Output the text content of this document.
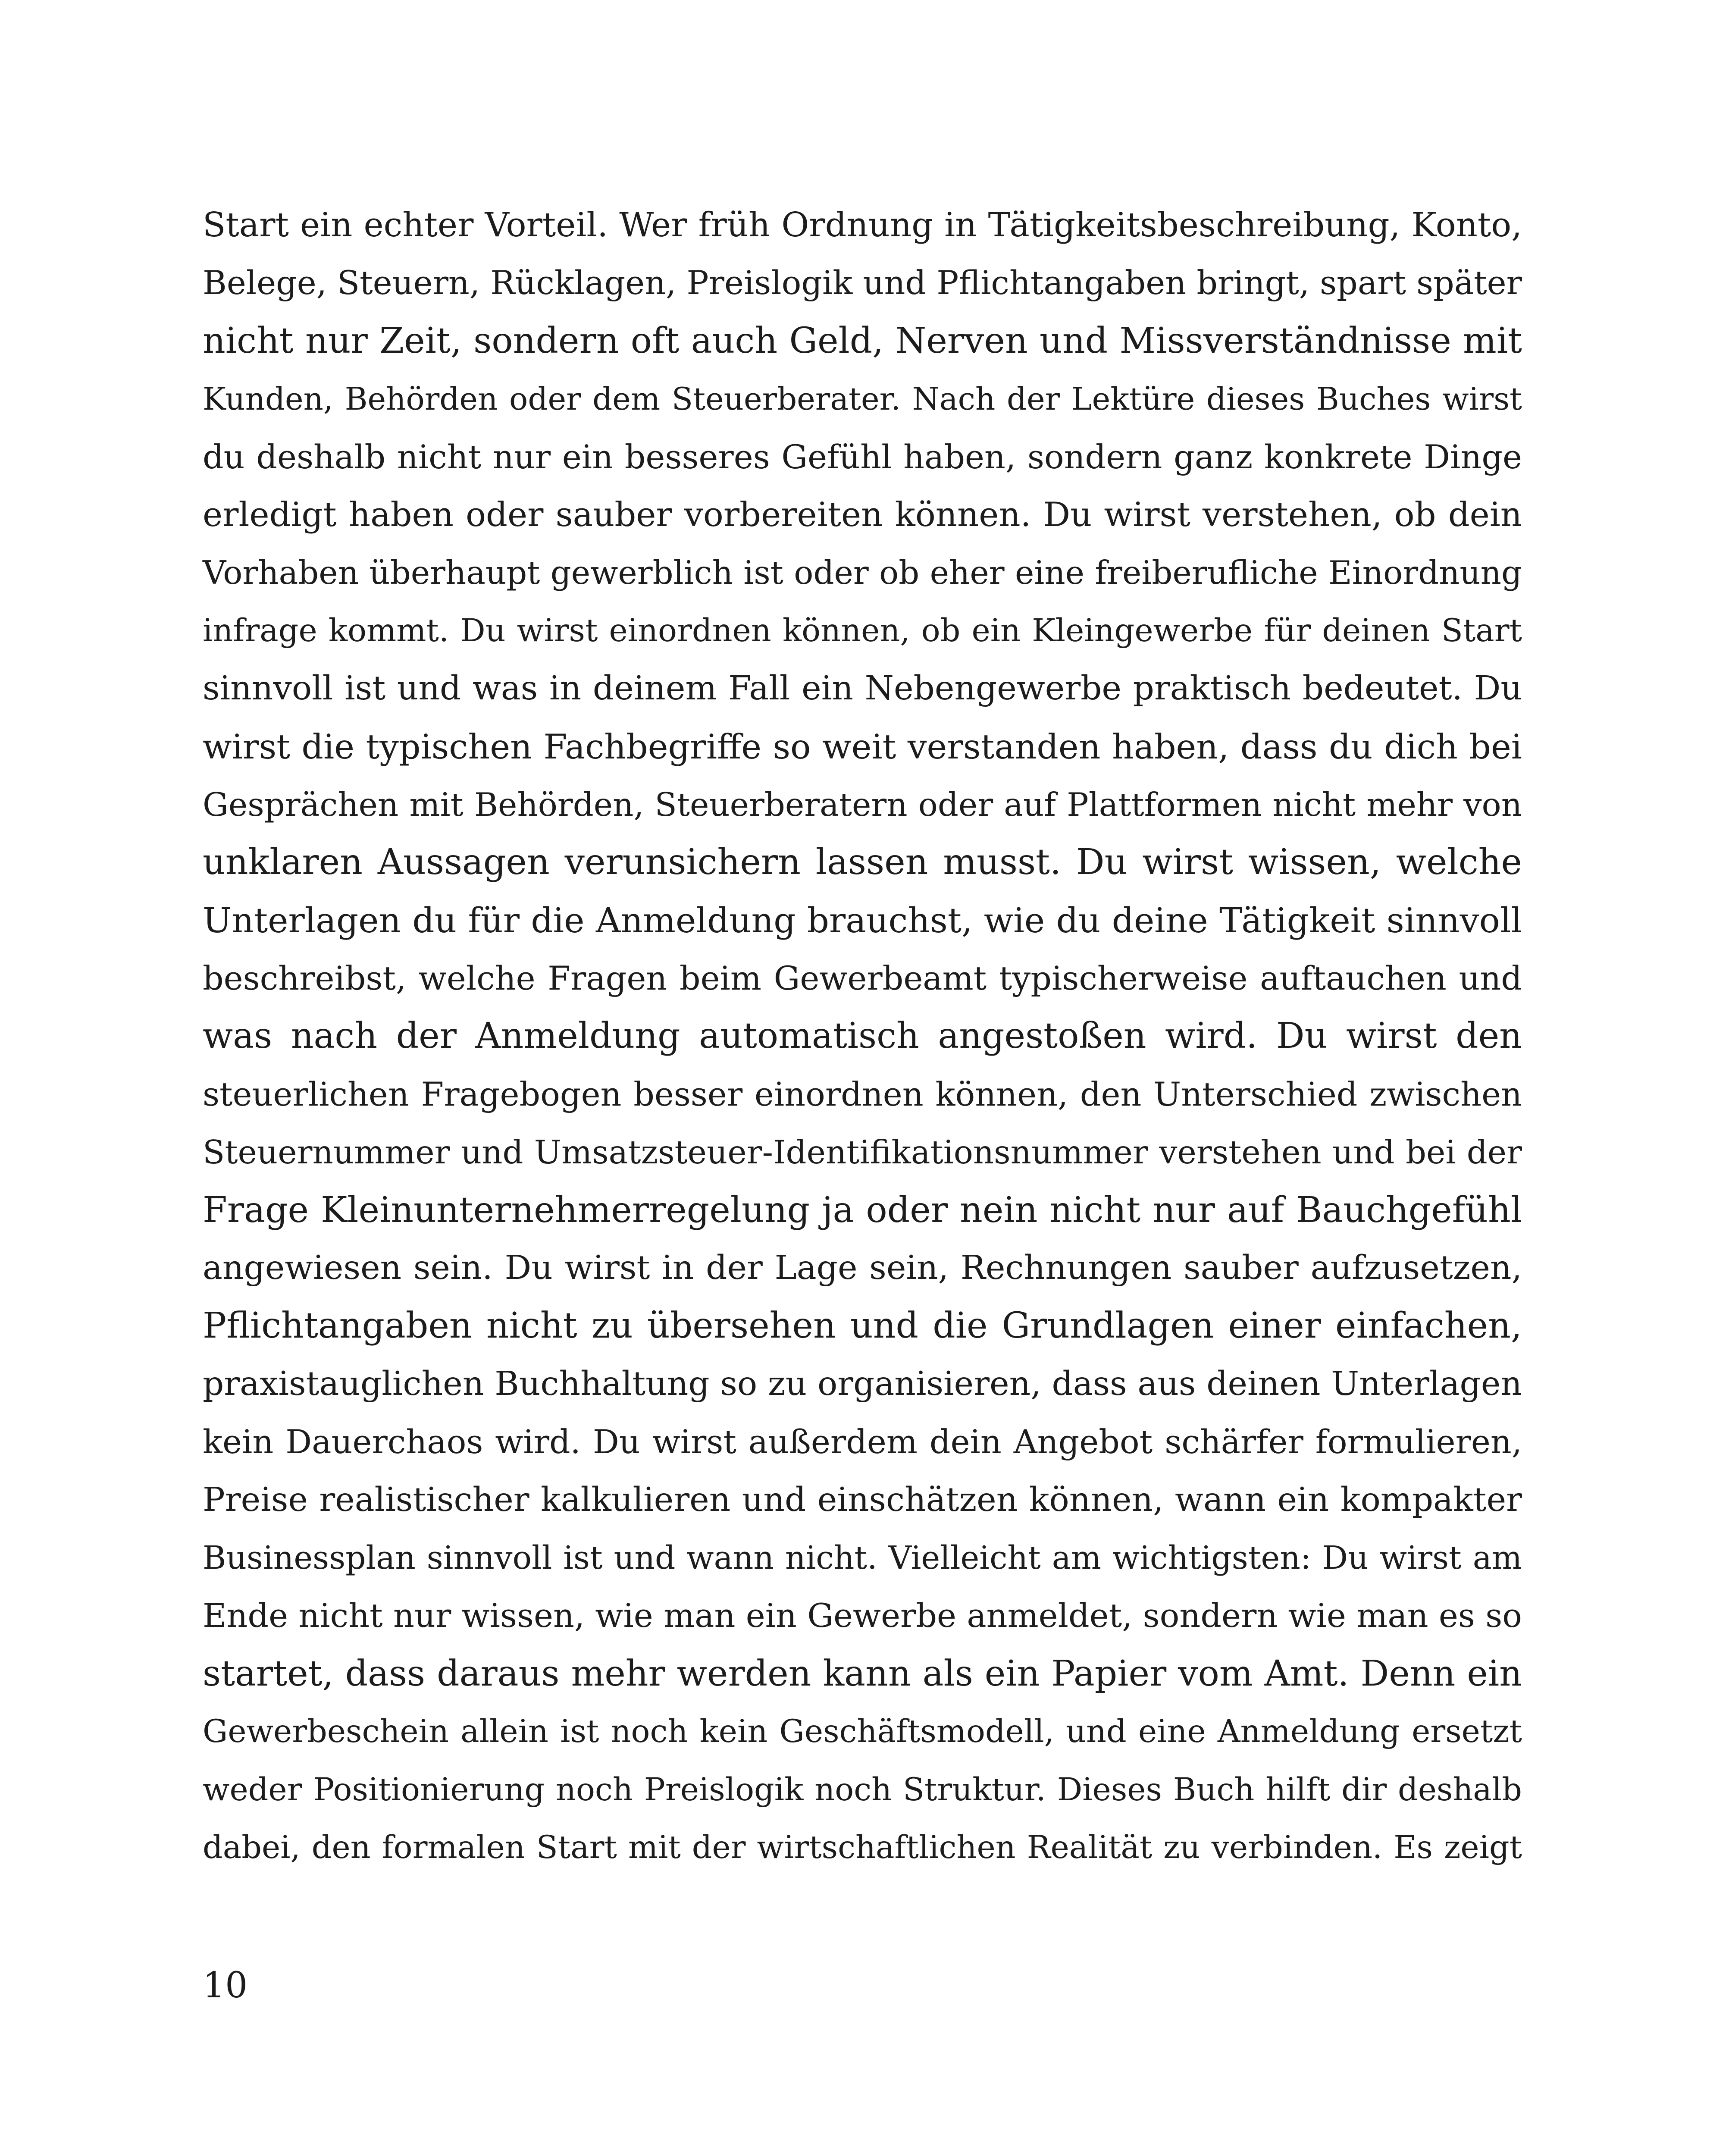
Start ein echter Vorteil. Wer früh Ordnung in Tätigkeitsbeschreibung, Konto,
Belege, Steuern, Rücklagen, Preislogik und Pflichtangaben bringt, spart später
nicht nur Zeit, sondern oft auch Geld, Nerven und Missverständnisse mit
Kunden, Behörden oder dem Steuerberater. Nach der Lektüre dieses Buches wirst
du deshalb nicht nur ein besseres Gefühl haben, sondern ganz konkrete Dinge
erledigt haben oder sauber vorbereiten können. Du wirst verstehen, ob dein
Vorhaben überhaupt gewerblich ist oder ob eher eine freiberufliche Einordnung
infrage kommt. Du wirst einordnen können, ob ein Kleingewerbe für deinen Start
sinnvoll ist und was in deinem Fall ein Nebengewerbe praktisch bedeutet. Du
wirst die typischen Fachbegriffe so weit verstanden haben, dass du dich bei
Gesprächen mit Behörden, Steuerberatern oder auf Plattformen nicht mehr von
unklaren Aussagen verunsichern lassen musst. Du wirst wissen, welche
Unterlagen du für die Anmeldung brauchst, wie du deine Tätigkeit sinnvoll
beschreibst, welche Fragen beim Gewerbeamt typischerweise auftauchen und
was nach der Anmeldung automatisch angestoßen wird. Du wirst den
steuerlichen Fragebogen besser einordnen können, den Unterschied zwischen
Steuernummer und Umsatzsteuer-Identifikationsnummer verstehen und bei der
Frage Kleinunternehmerregelung ja oder nein nicht nur auf Bauchgefühl
angewiesen sein. Du wirst in der Lage sein, Rechnungen sauber aufzusetzen,
Pflichtangaben nicht zu übersehen und die Grundlagen einer einfachen,
praxistauglichen Buchhaltung so zu organisieren, dass aus deinen Unterlagen
kein Dauerchaos wird. Du wirst außerdem dein Angebot schärfer formulieren,
Preise realistischer kalkulieren und einschätzen können, wann ein kompakter
Businessplan sinnvoll ist und wann nicht. Vielleicht am wichtigsten: Du wirst am
Ende nicht nur wissen, wie man ein Gewerbe anmeldet, sondern wie man es so
startet, dass daraus mehr werden kann als ein Papier vom Amt. Denn ein
Gewerbeschein allein ist noch kein Geschäftsmodell, und eine Anmeldung ersetzt
weder Positionierung noch Preislogik noch Struktur. Dieses Buch hilft dir deshalb
dabei, den formalen Start mit der wirtschaftlichen Realität zu verbinden. Es zeigt
10
